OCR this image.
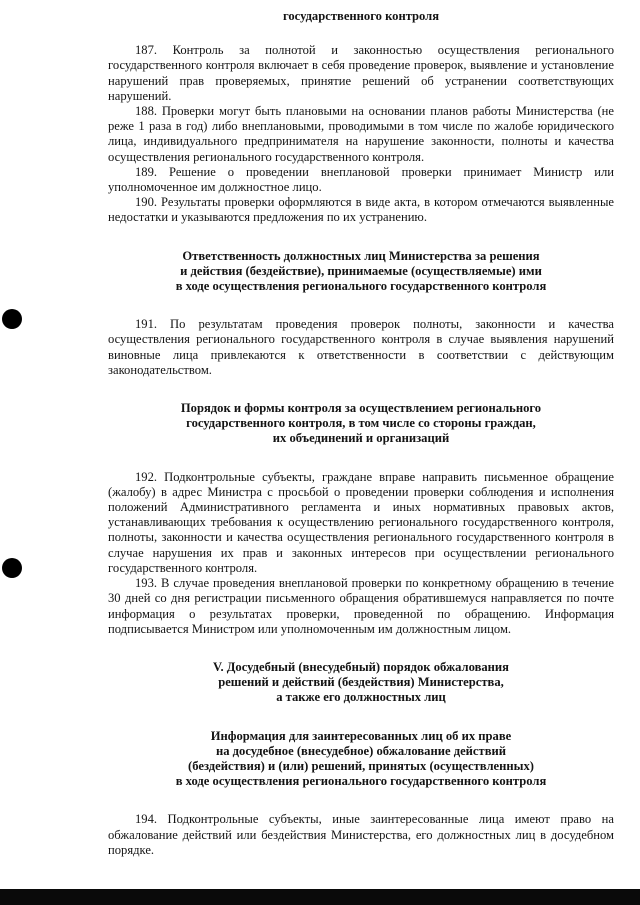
государственного контроля

187. Контроль за полнотой и законностью осуществления регионального государственного контроля включает в себя проведение проверок, выявление и установление нарушений прав проверяемых, принятие решений об устранении соответствующих нарушений.

188. Проверки могут быть плановыми на основании планов работы Министерства (не реже 1 раза в год) либо внеплановыми, проводимыми в том числе по жалобе юридического лица, индивидуального предпринимателя на нарушение законности, полноты и качества осуществления регионального государственного контроля.

189. Решение о проведении внеплановой проверки принимает Министр или уполномоченное им должностное лицо.

190. Результаты проверки оформляются в виде акта, в котором отмечаются выявленные недостатки и указываются предложения по их устранению.

Ответственность должностных лиц Министерства за решения
и действия (бездействие), принимаемые (осуществляемые) ими
в ходе осуществления регионального государственного контроля

191. По результатам проведения проверок полноты, законности и качества осуществления регионального государственного контроля в случае выявления нарушений виновные лица привлекаются к ответственности в соответствии с действующим законодательством.

Порядок и формы контроля за осуществлением регионального
государственного контроля, в том числе со стороны граждан,
их объединений и организаций

192. Подконтрольные субъекты, граждане вправе направить письменное обращение (жалобу) в адрес Министра с просьбой о проведении проверки соблюдения и исполнения положений Административного регламента и иных нормативных правовых актов, устанавливающих требования к осуществлению регионального государственного контроля, полноты, законности и качества осуществления регионального государственного контроля в случае нарушения их прав и законных интересов при осуществлении регионального государственного контроля.

193. В случае проведения внеплановой проверки по конкретному обращению в течение 30 дней со дня регистрации письменного обращения обратившемуся направляется по почте информация о результатах проверки, проведенной по обращению. Информация подписывается Министром или уполномоченным им должностным лицом.

V. Досудебный (внесудебный) порядок обжалования
решений и действий (бездействия) Министерства,
а также его должностных лиц

Информация для заинтересованных лиц об их праве
на досудебное (внесудебное) обжалование действий
(бездействия) и (или) решений, принятых (осуществленных)
в ходе осуществления регионального государственного контроля

194. Подконтрольные субъекты, иные заинтересованные лица имеют право на обжалование действий или бездействия Министерства, его должностных лиц в досудебном порядке.
